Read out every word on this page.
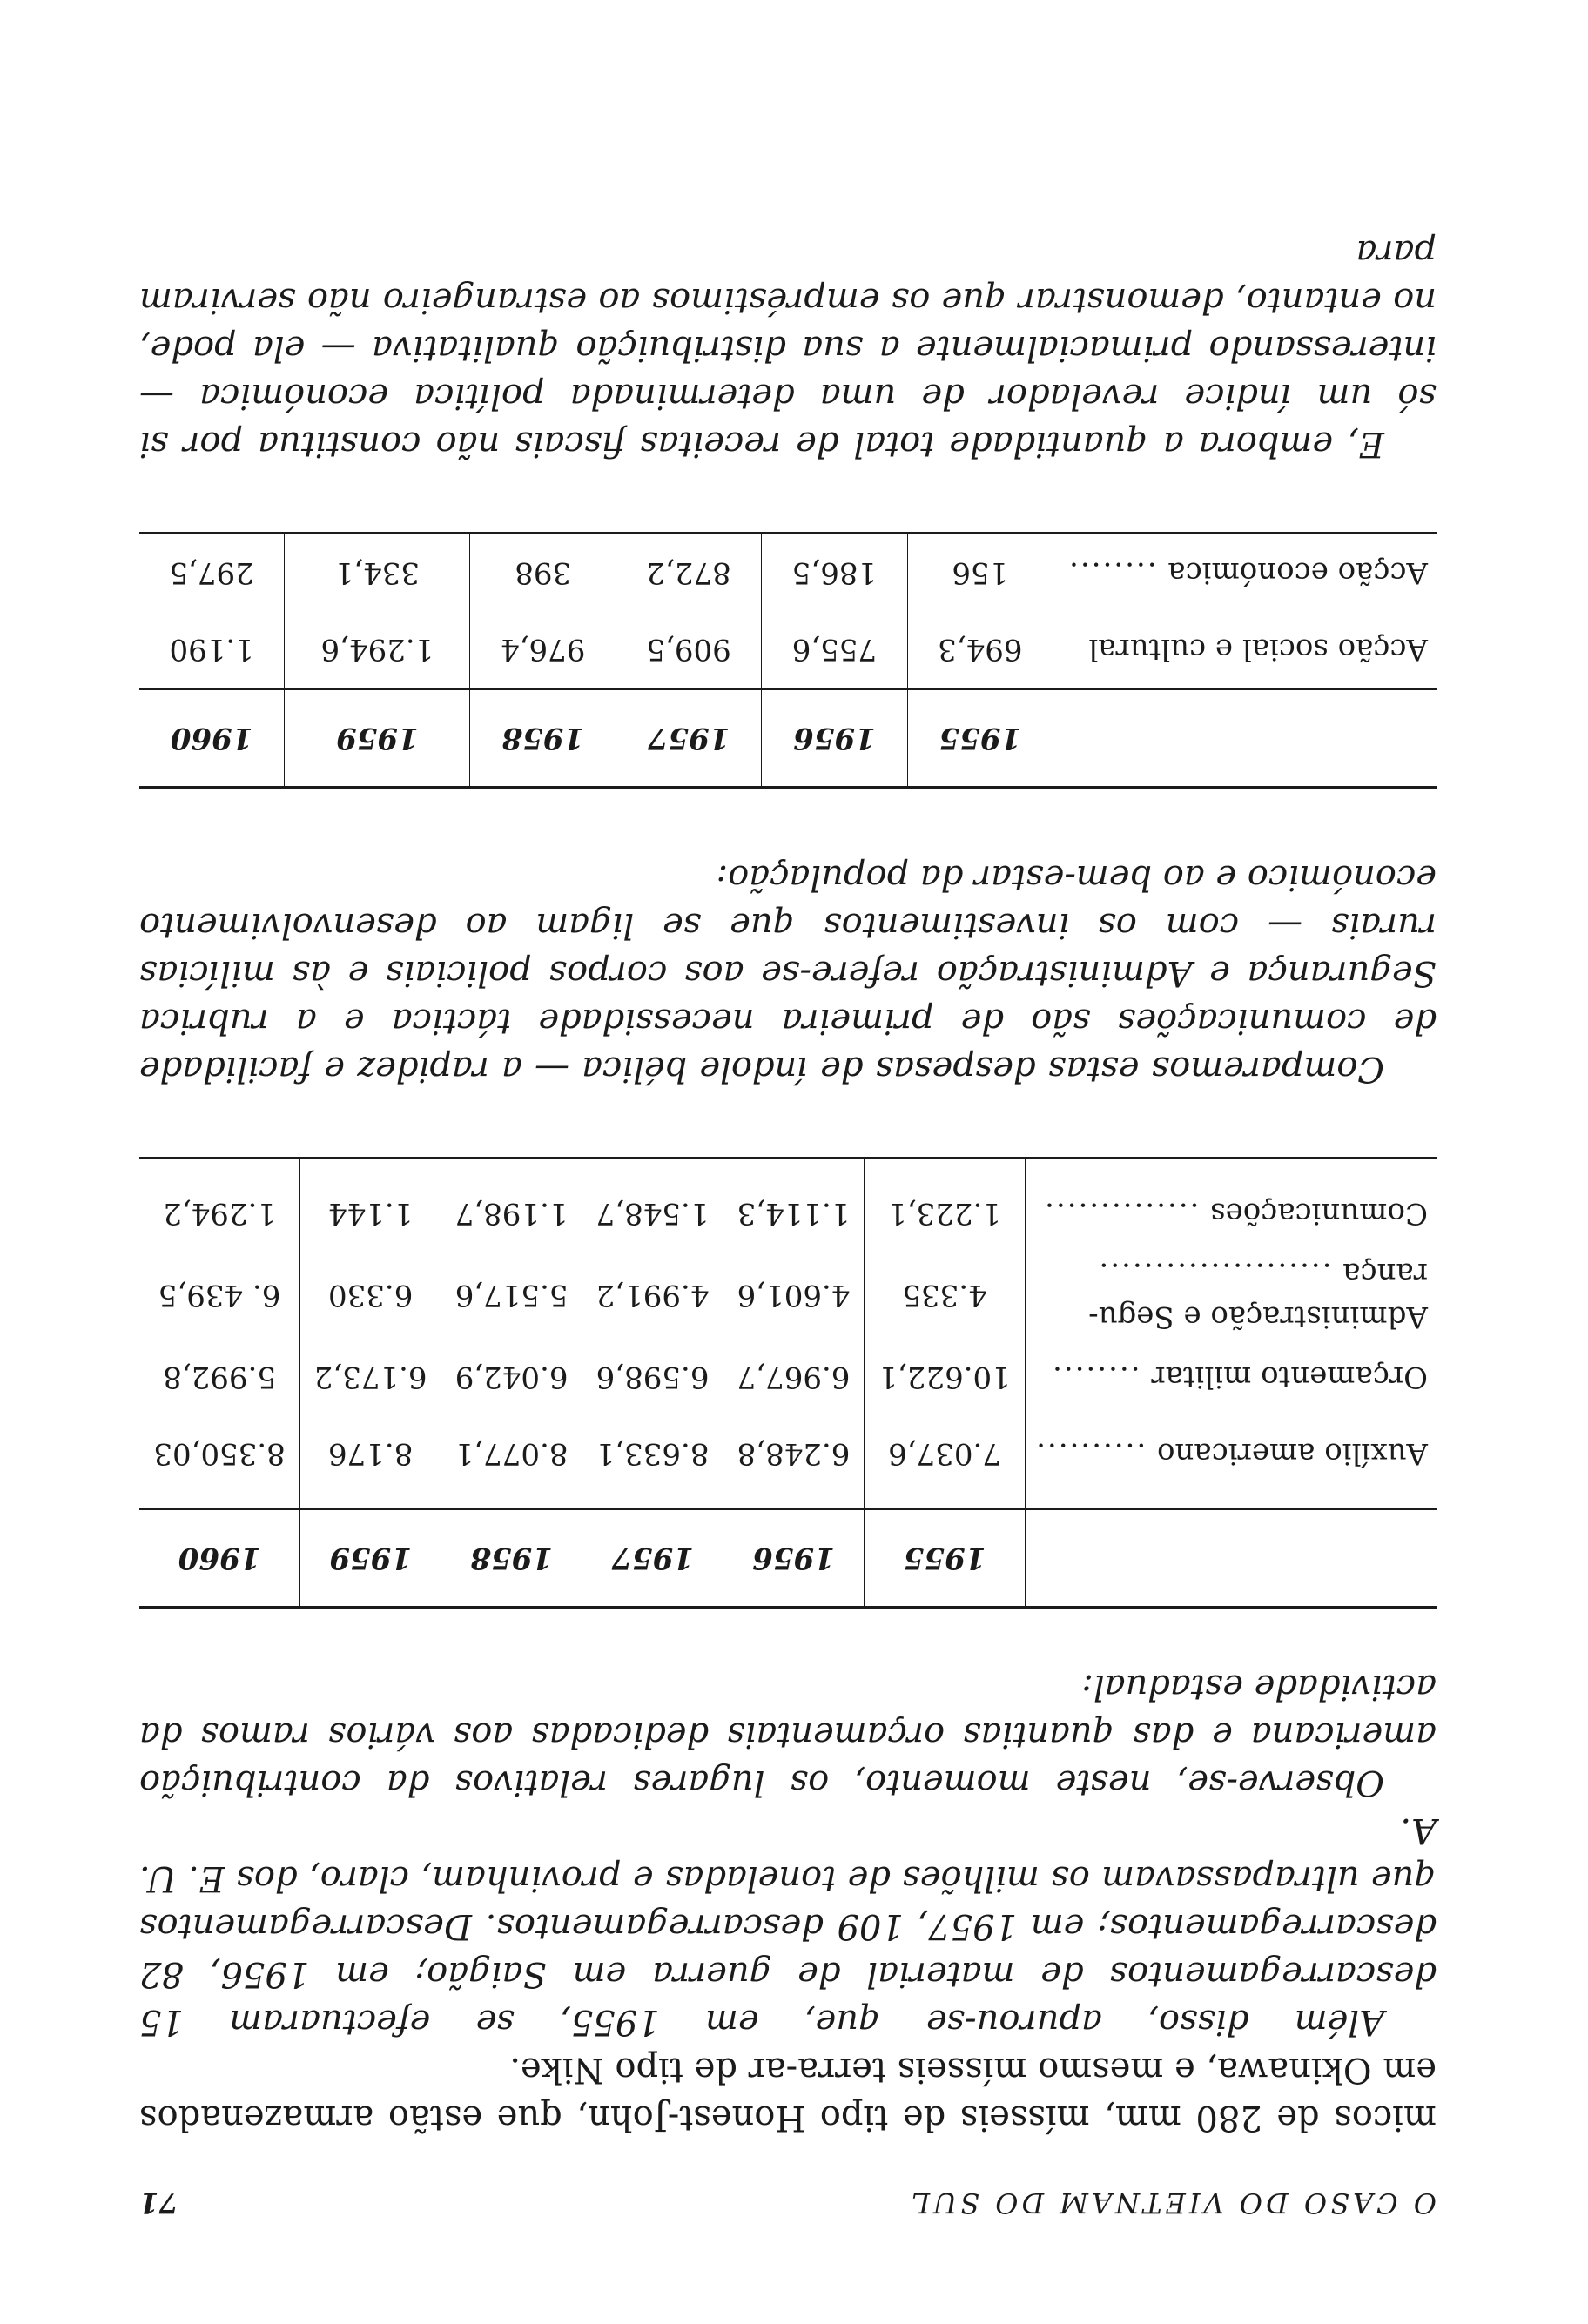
O CASO DO VIETNAM DO SUL
71

micos de 280 mm, mísseis de tipo Honest-John, que estão armazenados em Okinawa, e mesmo mísseis terra-ar de tipo Nike.

Além disso, apurou-se que, em 1955, se efectuaram 15 descarregamentos de material de guerra em Saigão; em 1956, 82 descarregamentos; em 1957, 109 descarregamentos. Descarregamentos que ultrapassavam os milhões de toneladas e provinham, claro, dos E. U. A.

Observe-se, neste momento, os lugares relativos da contribuição americana e das quantias orçamentais dedicadas aos vários ramos da actividade estadual:

	1955	1956	1957	1958	1959	1960
Auxílio americano ..........	7.037,6	6.248,8	8.633,1	8.077,1	8.176	8.350,03
Orçamento militar ........	10.622,1	6.967,7	6.598,6	6.042,9	6.173,2	5.992,8
Administração e Segu-
rança .....................	4.335	4.601,6	4.991,2	5.517,6	6.330	6. 439,5
Comunicações ..............	1.223,1	1.114,3	1.548,7	1.198,7	1.144	1.294,2

Comparemos estas despesas de índole bélica — a rapidez e facilidade de comunicações são de primeira necessidade táctica e a rubrica Segurança e Administração refere-se aos corpos policiais e às milícias rurais — com os investimentos que se ligam ao desenvolvimento económico e ao bem-estar da população:

	1955	1956	1957	1958	1959	1960
Acção social e cultural	694,3	755,6	909,5	976,4	1.294,6	1.190
Acção económica ........	156	186,5	872,2	398	334,1	297,5

E, embora a quantidade total de receitas fiscais não constitua por si só um índice revelador de uma determinada política económica — interessando primacialmente a sua distribuição qualitativa — ela pode, no entanto, demonstrar que os empréstimos ao estrangeiro não serviram para
